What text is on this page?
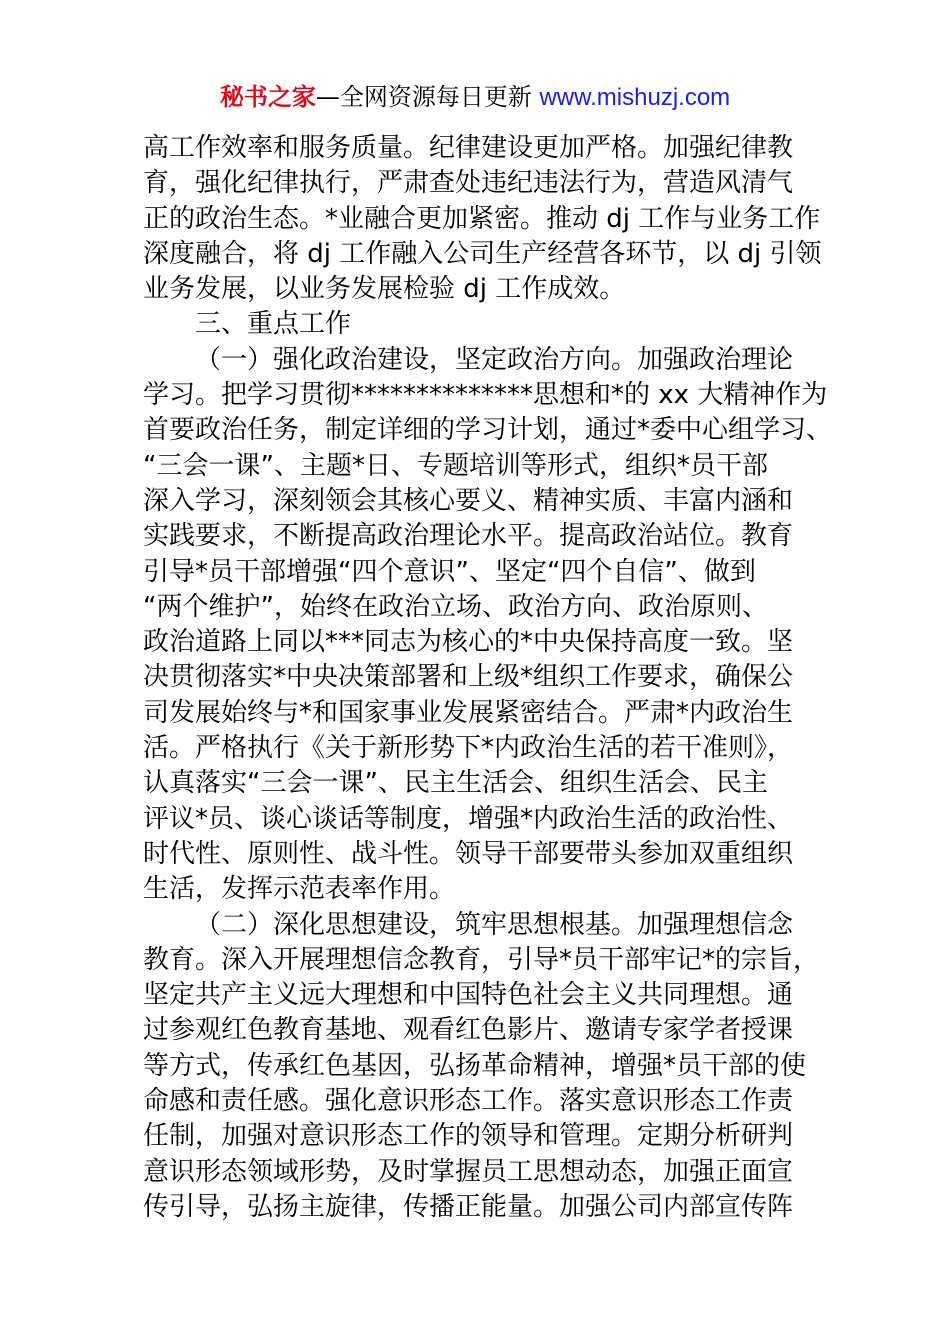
秘书之家—全网资源每日更新 www.mishuzj.com
高工作效率和服务质量。纪律建设更加严格。加强纪律教
育，强化纪律执行，严肃查处违纪违法行为，营造风清气
正的政治生态。*业融合更加紧密。推动 dj 工作与业务工作
深度融合，将 dj 工作融入公司生产经营各环节，以 dj 引领
业务发展，以业务发展检验 dj 工作成效。
三、重点工作
（一）强化政治建设，坚定政治方向。加强政治理论
学习。把学习贯彻**************思想和*的 xx 大精神作为
首要政治任务，制定详细的学习计划，通过*委中心组学习、
“三会一课”、主题*日、专题培训等形式，组织*员干部
深入学习，深刻领会其核心要义、精神实质、丰富内涵和
实践要求，不断提高政治理论水平。提高政治站位。教育
引导*员干部增强“四个意识”、坚定“四个自信”、做到
“两个维护”，始终在政治立场、政治方向、政治原则、
政治道路上同以***同志为核心的*中央保持高度一致。坚
决贯彻落实*中央决策部署和上级*组织工作要求，确保公
司发展始终与*和国家事业发展紧密结合。严肃*内政治生
活。严格执行《关于新形势下*内政治生活的若干准则》，
认真落实“三会一课”、民主生活会、组织生活会、民主
评议*员、谈心谈话等制度，增强*内政治生活的政治性、
时代性、原则性、战斗性。领导干部要带头参加双重组织
生活，发挥示范表率作用。
（二）深化思想建设，筑牢思想根基。加强理想信念
教育。深入开展理想信念教育，引导*员干部牢记*的宗旨，
坚定共产主义远大理想和中国特色社会主义共同理想。通
过参观红色教育基地、观看红色影片、邀请专家学者授课
等方式，传承红色基因，弘扬革命精神，增强*员干部的使
命感和责任感。强化意识形态工作。落实意识形态工作责
任制，加强对意识形态工作的领导和管理。定期分析研判
意识形态领域形势，及时掌握员工思想动态，加强正面宣
传引导，弘扬主旋律，传播正能量。加强公司内部宣传阵
